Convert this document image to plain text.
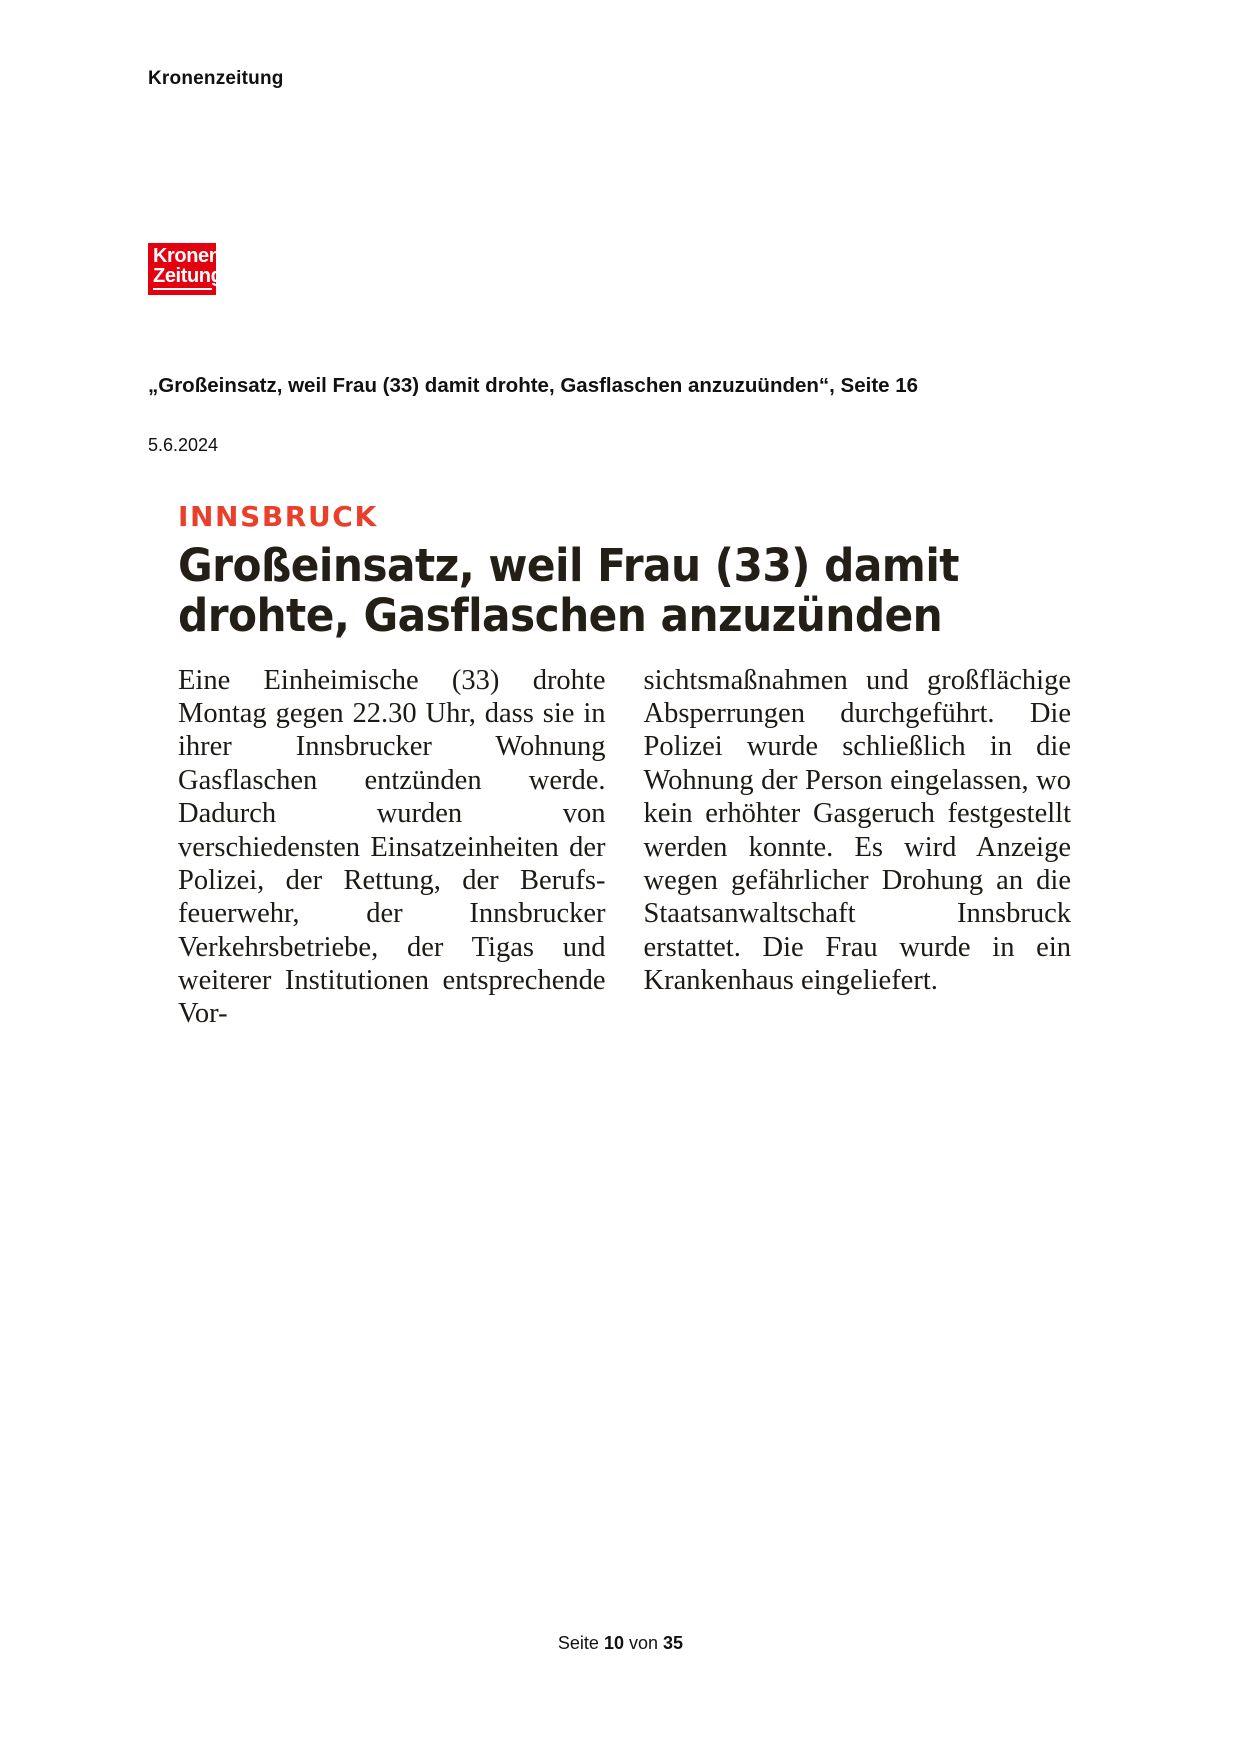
Kronenzeitung
Kronen
Zeitung
„Großeinsatz, weil Frau (33) damit drohte, Gasflaschen anzuzuünden“, Seite 16
5.6.2024
INNSBRUCK
Großeinsatz, weil Frau (33) damit drohte, Gasflaschen anzuzünden

Eine Einheimische (33) drohte Montag gegen 22.30 Uhr, dass sie in ihrer Innsbrucker Wohnung Gasflaschen entzünden werde. Dadurch wurden von verschiedensten Einsatzeinheiten der Polizei, der Rettung, der Berufsfeuerwehr, der Innsbrucker Verkehrsbetriebe, der Tigas und weiterer Institutionen entsprechende Vor-

sichtsmaßnahmen und großflächige Absperrungen durchgeführt. Die Polizei wurde schließlich in die Wohnung der Person eingelassen, wo kein erhöhter Gasgeruch festgestellt werden konnte. Es wird Anzeige wegen gefährlicher Drohung an die Staatsanwaltschaft Innsbruck erstattet. Die Frau wurde in ein Krankenhaus eingeliefert.

Seite 10 von 35
